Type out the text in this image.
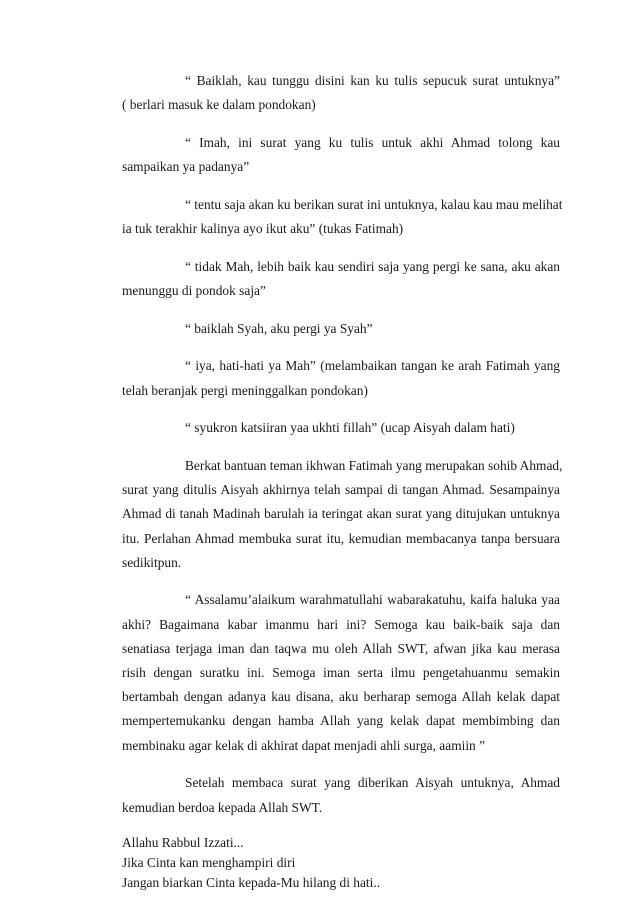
“ Baiklah, kau tunggu disini kan ku tulis sepucuk surat untuknya”
( berlari masuk ke dalam pondokan)

“ Imah, ini surat yang ku tulis untuk akhi Ahmad tolong kau
sampaikan ya padanya”

“ tentu saja akan ku berikan surat ini untuknya, kalau kau mau melihat
ia tuk terakhir kalinya ayo ikut aku” (tukas Fatimah)

“ tidak Mah, lebih baik kau sendiri saja yang pergi ke sana, aku akan
menunggu di pondok saja”

“ baiklah Syah, aku pergi ya Syah”

“ iya, hati-hati ya Mah” (melambaikan tangan ke arah Fatimah yang
telah beranjak pergi meninggalkan pondokan)

“ syukron katsiiran yaa ukhti fillah” (ucap Aisyah dalam hati)

Berkat bantuan teman ikhwan Fatimah yang merupakan sohib Ahmad,
surat yang ditulis Aisyah akhirnya telah sampai di tangan Ahmad. Sesampainya
Ahmad di tanah Madinah barulah ia teringat akan surat yang ditujukan untuknya
itu. Perlahan Ahmad membuka surat itu, kemudian membacanya tanpa bersuara
sedikitpun.

“ Assalamu’alaikum warahmatullahi wabarakatuhu, kaifa haluka yaa
akhi? Bagaimana kabar imanmu hari ini? Semoga kau baik-baik saja dan
senatiasa terjaga iman dan taqwa mu oleh Allah SWT, afwan jika kau merasa
risih dengan suratku ini. Semoga iman serta ilmu pengetahuanmu semakin
bertambah dengan adanya kau disana, aku berharap semoga Allah kelak dapat
mempertemukanku dengan hamba Allah yang kelak dapat membimbing dan
membinaku agar kelak di akhirat dapat menjadi ahli surga, aamiin ”

Setelah membaca surat yang diberikan Aisyah untuknya, Ahmad
kemudian berdoa kepada Allah SWT.

Allahu Rabbul Izzati...
Jika Cinta kan menghampiri diri
Jangan biarkan Cinta kepada-Mu hilang di hati..
